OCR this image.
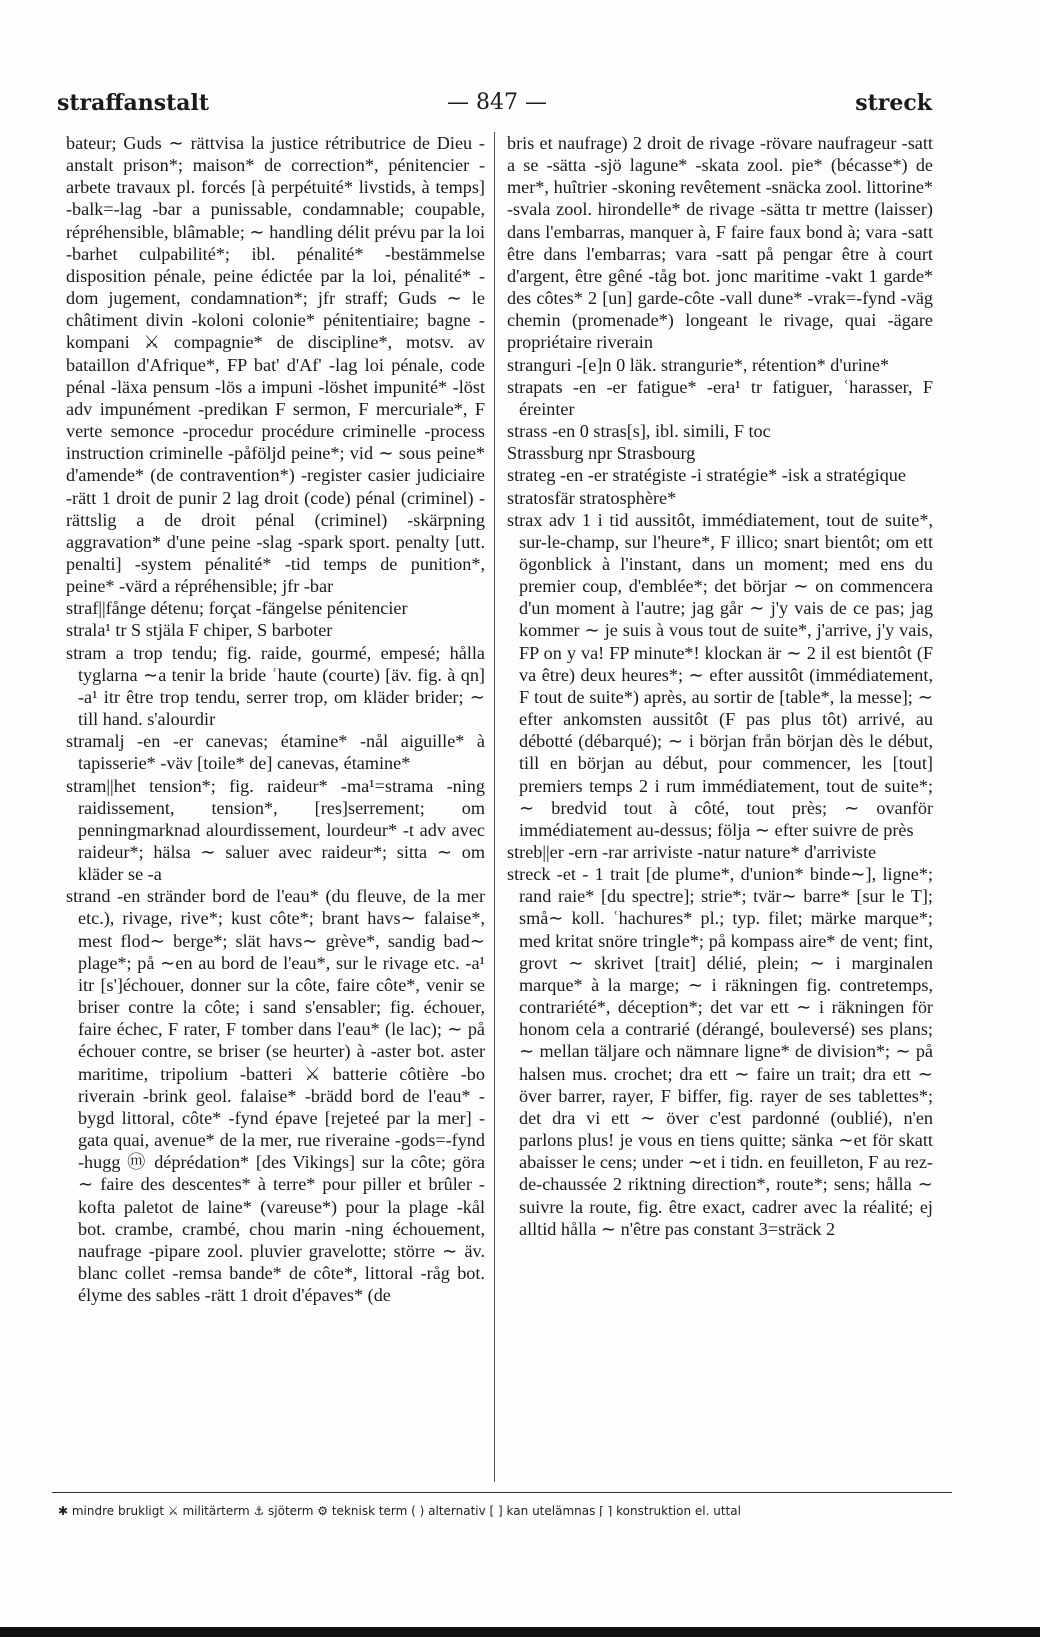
straffanstalt	— 847 —	streck

bateur; Guds ∼ rättvisa la justice rétributrice de Dieu -anstalt prison*; maison* de correction*, pénitencier -arbete travaux pl. forcés [à perpétuité* livstids, à temps] -balk=-lag -bar a punissable, condamnable; coupable, répréhensible, blâmable; ∼ handling délit prévu par la loi -barhet culpabilité*; ibl. pénalité* -bestämmelse disposition pénale, peine édictée par la loi, pénalité* -dom jugement, condamnation*; jfr straff; Guds ∼ le châtiment divin -koloni colonie* pénitentiaire; bagne -kompani ⚔ compagnie* de discipline*, motsv. av bataillon d'Afrique*, FP bat' d'Af' -lag loi pénale, code pénal -läxa pensum -lös a impuni -löshet impunité* -löst adv impunément -predikan F sermon, F mercuriale*, F verte semonce -procedur procédure criminelle -process instruction criminelle -påföljd peine*; vid ∼ sous peine* d'amende* (de contravention*) -register casier judiciaire -rätt 1 droit de punir 2 lag droit (code) pénal (criminel) -rättslig a de droit pénal (criminel) -skärpning aggravation* d'une peine -slag -spark sport. penalty [utt. penalti] -system pénalité* -tid temps de punition*, peine* -värd a répréhensible; jfr -bar

straf||fånge détenu; forçat -fängelse pénitencier

strala¹ tr S stjäla F chiper, S barboter

stram a trop tendu; fig. raide, gourmé, empesé; hålla tyglarna ∼a tenir la bride ʿhaute (courte) [äv. fig. à qn] -a¹ itr être trop tendu, serrer trop, om kläder brider; ∼ till hand. s'alourdir

stramalj -en -er canevas; étamine* -nål aiguille* à tapisserie* -väv [toile* de] canevas, étamine*

stram||het tension*; fig. raideur* -ma¹=strama -ning raidissement, tension*, [res]serrement; om penningmarknad alourdissement, lourdeur* -t adv avec raideur*; hälsa ∼ saluer avec raideur*; sitta ∼ om kläder se -a

strand -en stränder bord de l'eau* (du fleuve, de la mer etc.), rivage, rive*; kust côte*; brant havs∼ falaise*, mest flod∼ berge*; slät havs∼ grève*, sandig bad∼ plage*; på ∼en au bord de l'eau*, sur le rivage etc. -a¹ itr [s']échouer, donner sur la côte, faire côte*, venir se briser contre la côte; i sand s'ensabler; fig. échouer, faire échec, F rater, F tomber dans l'eau* (le lac); ∼ på échouer contre, se briser (se heurter) à -aster bot. aster maritime, tripolium -batteri ⚔ batterie côtière -bo riverain -brink geol. falaise* -brädd bord de l'eau* -bygd littoral, côte* -fynd épave [rejeteé par la mer] -gata quai, avenue* de la mer, rue riveraine -gods=-fynd -hugg ⓜ déprédation* [des Vikings] sur la côte; göra ∼ faire des descentes* à terre* pour piller et brûler -kofta paletot de laine* (vareuse*) pour la plage -kål bot. crambe, crambé, chou marin -ning échouement, naufrage -pipare zool. pluvier gravelotte; större ∼ äv. blanc collet -remsa bande* de côte*, littoral -råg bot. élyme des sables -rätt 1 droit d'épaves* (de

bris et naufrage) 2 droit de rivage -rövare naufrageur -satt a se -sätta -sjö lagune* -skata zool. pie* (bécasse*) de mer*, huîtrier -skoning revêtement -snäcka zool. littorine* -svala zool. hirondelle* de rivage -sätta tr mettre (laisser) dans l'embarras, manquer à, F faire faux bond à; vara -satt être dans l'embarras; vara -satt på pengar être à court d'argent, être gêné -tåg bot. jonc maritime -vakt 1 garde* des côtes* 2 [un] garde-côte -vall dune* -vrak=-fynd -väg chemin (promenade*) longeant le rivage, quai -ägare propriétaire riverain

stranguri -[e]n 0 läk. strangurie*, rétention* d'urine*

strapats -en -er fatigue* -era¹ tr fatiguer, ʿharasser, F éreinter

strass -en 0 stras[s], ibl. simili, F toc

Strassburg npr Strasbourg

strateg -en -er stratégiste -i stratégie* -isk a stratégique

stratosfär stratosphère*

strax adv 1 i tid aussitôt, immédiatement, tout de suite*, sur-le-champ, sur l'heure*, F illico; snart bientôt; om ett ögonblick à l'instant, dans un moment; med ens du premier coup, d'emblée*; det börjar ∼ on commencera d'un moment à l'autre; jag går ∼ j'y vais de ce pas; jag kommer ∼ je suis à vous tout de suite*, j'arrive, j'y vais, FP on y va! FP minute*! klockan är ∼ 2 il est bientôt (F va être) deux heures*; ∼ efter aussitôt (immédiatement, F tout de suite*) après, au sortir de [table*, la messe]; ∼ efter ankomsten aussitôt (F pas plus tôt) arrivé, au débotté (débarqué); ∼ i början från början dès le début, till en början au début, pour commencer, les [tout] premiers temps 2 i rum immédiatement, tout de suite*; ∼ bredvid tout à côté, tout près; ∼ ovanför immédiatement au-dessus; följa ∼ efter suivre de près

streb||er -ern -rar arriviste -natur nature* d'arriviste

streck -et - 1 trait [de plume*, d'union* binde∼], ligne*; rand raie* [du spectre]; strie*; tvär∼ barre* [sur le T]; små∼ koll. ʿhachures* pl.; typ. filet; märke marque*; med kritat snöre tringle*; på kompass aire* de vent; fint, grovt ∼ skrivet [trait] délié, plein; ∼ i marginalen marque* à la marge; ∼ i räkningen fig. contretemps, contrariété*, déception*; det var ett ∼ i räkningen för honom cela a contrarié (dérangé, bouleversé) ses plans; ∼ mellan täljare och nämnare ligne* de division*; ∼ på halsen mus. crochet; dra ett ∼ faire un trait; dra ett ∼ över barrer, rayer, F biffer, fig. rayer de ses tablettes*; det dra vi ett ∼ över c'est pardonné (oublié), n'en parlons plus! je vous en tiens quitte; sänka ∼et för skatt abaisser le cens; under ∼et i tidn. en feuilleton, F au rez-de-chaussée 2 riktning direction*, route*; sens; hålla ∼ suivre la route, fig. être exact, cadrer avec la réalité; ej alltid hålla ∼ n'être pas constant 3=sträck 2

✱ mindre brukligt ⚔ militärterm ⚓ sjöterm ⚙ teknisk term ( ) alternativ [ ] kan utelämnas ⌈ ⌉ konstruktion el. uttal
